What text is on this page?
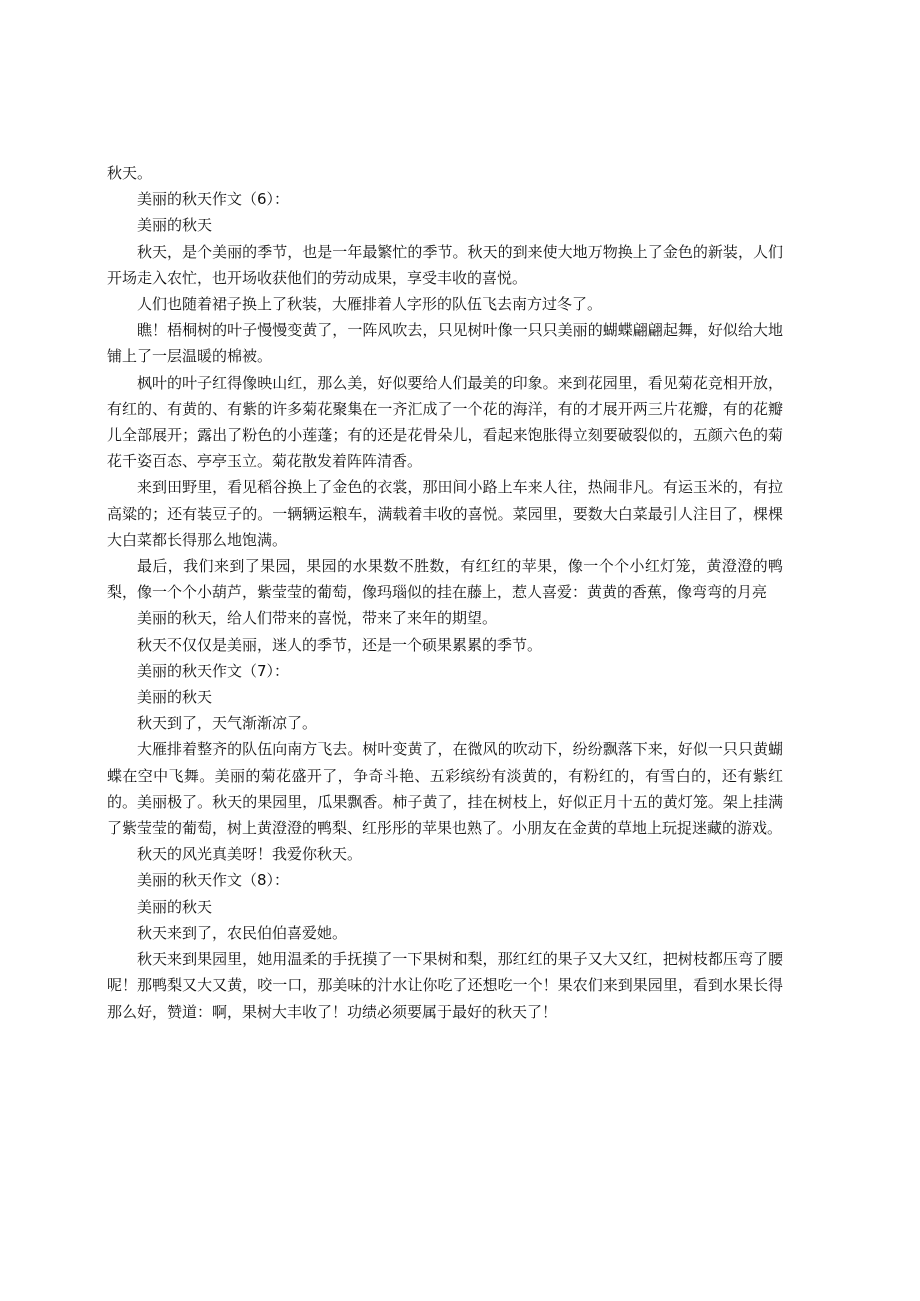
秋天。

美丽的秋天作文（6）：

美丽的秋天

秋天，是个美丽的季节，也是一年最繁忙的季节。秋天的到来使大地万物换上了金色的新装，人们开场走入农忙，也开场收获他们的劳动成果，享受丰收的喜悦。

人们也随着裙子换上了秋装，大雁排着人字形的队伍飞去南方过冬了。

瞧！梧桐树的叶子慢慢变黄了，一阵风吹去，只见树叶像一只只美丽的蝴蝶翩翩起舞，好似给大地铺上了一层温暖的棉被。

枫叶的叶子红得像映山红，那么美，好似要给人们最美的印象。来到花园里，看见菊花竞相开放，有红的、有黄的、有紫的许多菊花聚集在一齐汇成了一个花的海洋，有的才展开两三片花瓣，有的花瓣儿全部展开；露出了粉色的小莲蓬；有的还是花骨朵儿，看起来饱胀得立刻要破裂似的，五颜六色的菊花千姿百态、亭亭玉立。菊花散发着阵阵清香。

来到田野里，看见稻谷换上了金色的衣裳，那田间小路上车来人往，热闹非凡。有运玉米的，有拉高粱的；还有装豆子的。一辆辆运粮车，满载着丰收的喜悦。菜园里，要数大白菜最引人注目了，棵棵大白菜都长得那么地饱满。

最后，我们来到了果园，果园的水果数不胜数，有红红的苹果，像一个个小红灯笼，黄澄澄的鸭梨，像一个个小葫芦，紫莹莹的葡萄，像玛瑙似的挂在藤上，惹人喜爱：黄黄的香蕉，像弯弯的月亮

美丽的秋天，给人们带来的喜悦，带来了来年的期望。

秋天不仅仅是美丽，迷人的季节，还是一个硕果累累的季节。

美丽的秋天作文（7）：

美丽的秋天

秋天到了，天气渐渐凉了。

大雁排着整齐的队伍向南方飞去。树叶变黄了，在微风的吹动下，纷纷飘落下来，好似一只只黄蝴蝶在空中飞舞。美丽的菊花盛开了，争奇斗艳、五彩缤纷有淡黄的，有粉红的，有雪白的，还有紫红的。美丽极了。秋天的果园里，瓜果飘香。柿子黄了，挂在树枝上，好似正月十五的黄灯笼。架上挂满了紫莹莹的葡萄，树上黄澄澄的鸭梨、红彤彤的苹果也熟了。小朋友在金黄的草地上玩捉迷藏的游戏。

秋天的风光真美呀！我爱你秋天。

美丽的秋天作文（8）：

美丽的秋天

秋天来到了，农民伯伯喜爱她。

秋天来到果园里，她用温柔的手抚摸了一下果树和梨，那红红的果子又大又红，把树枝都压弯了腰呢！那鸭梨又大又黄，咬一口，那美味的汁水让你吃了还想吃一个！果农们来到果园里，看到水果长得那么好，赞道：啊，果树大丰收了！功绩必须要属于最好的秋天了！
